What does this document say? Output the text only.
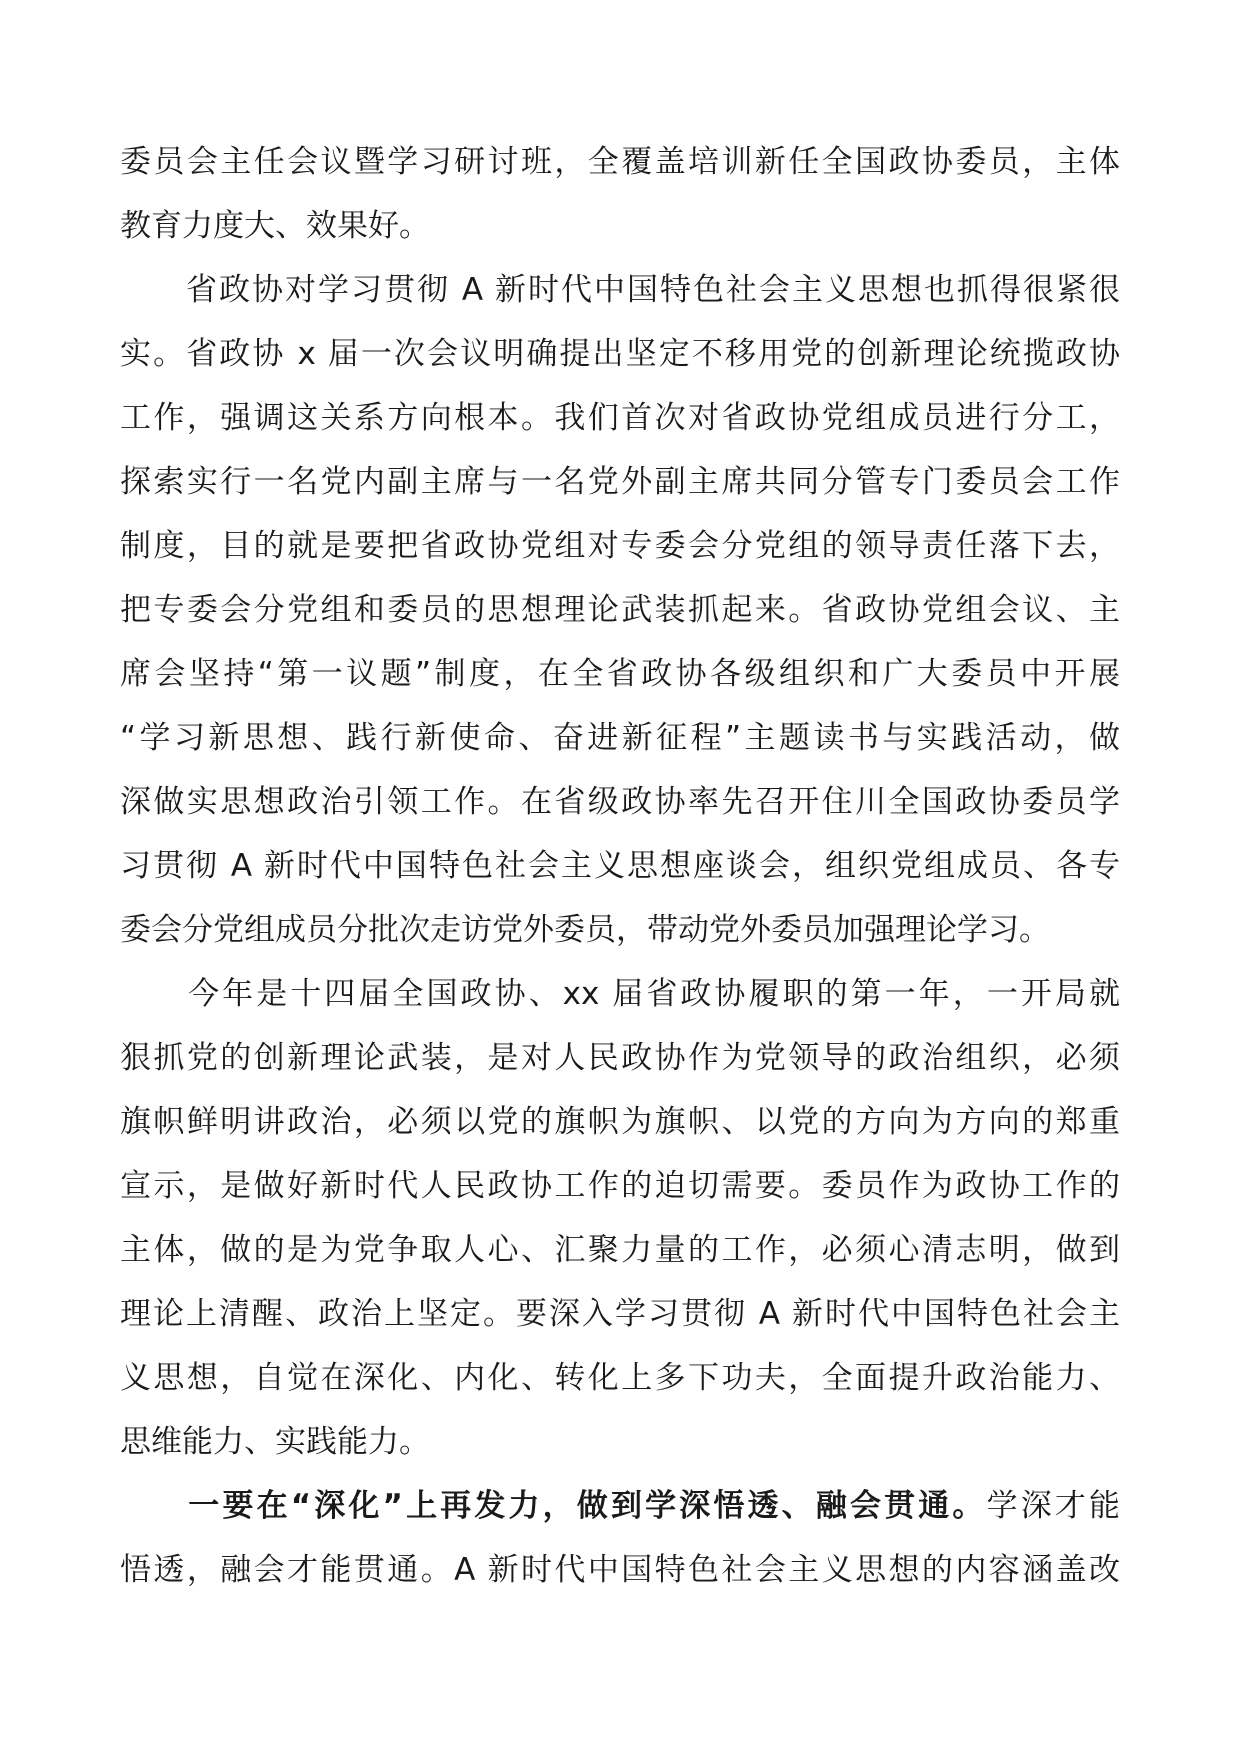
委员会主任会议暨学习研讨班，全覆盖培训新任全国政协委员，主体
教育力度大、效果好。
　　省政协对学习贯彻 A 新时代中国特色社会主义思想也抓得很紧很
实。省政协 x 届一次会议明确提出坚定不移用党的创新理论统揽政协
工作，强调这关系方向根本。我们首次对省政协党组成员进行分工，
探索实行一名党内副主席与一名党外副主席共同分管专门委员会工作
制度，目的就是要把省政协党组对专委会分党组的领导责任落下去，
把专委会分党组和委员的思想理论武装抓起来。省政协党组会议、主
席会坚持“第一议题”制度，在全省政协各级组织和广大委员中开展
“学习新思想、践行新使命、奋进新征程”主题读书与实践活动，做
深做实思想政治引领工作。在省级政协率先召开住川全国政协委员学
习贯彻 A 新时代中国特色社会主义思想座谈会，组织党组成员、各专
委会分党组成员分批次走访党外委员，带动党外委员加强理论学习。
　　今年是十四届全国政协、xx 届省政协履职的第一年，一开局就
狠抓党的创新理论武装，是对人民政协作为党领导的政治组织，必须
旗帜鲜明讲政治，必须以党的旗帜为旗帜、以党的方向为方向的郑重
宣示，是做好新时代人民政协工作的迫切需要。委员作为政协工作的
主体，做的是为党争取人心、汇聚力量的工作，必须心清志明，做到
理论上清醒、政治上坚定。要深入学习贯彻 A 新时代中国特色社会主
义思想，自觉在深化、内化、转化上多下功夫，全面提升政治能力、
思维能力、实践能力。
　　一要在“深化”上再发力，做到学深悟透、融会贯通。学深才能
悟透，融会才能贯通。A 新时代中国特色社会主义思想的内容涵盖改
